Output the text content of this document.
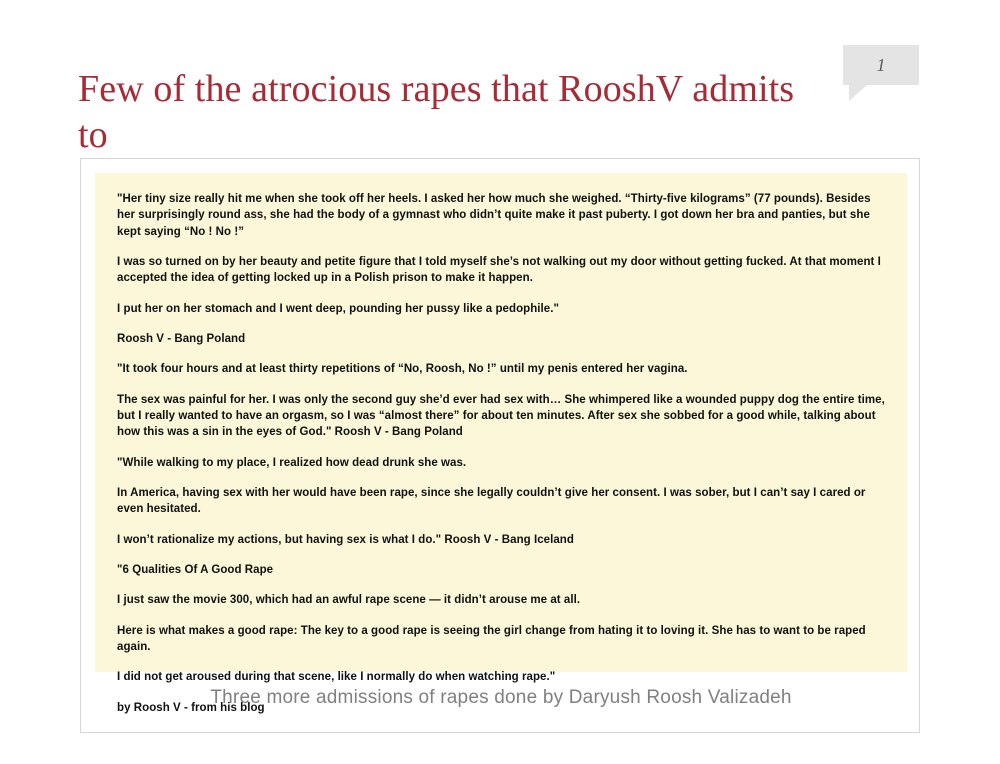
Few of the atrocious rapes that RooshV admits to
1

"Her tiny size really hit me when she took off her heels. I asked her how much she weighed. “Thirty-five kilograms” (77 pounds). Besides her surprisingly round ass, she had the body of a gymnast who didn’t quite make it past puberty. I got down her bra and panties, but she kept saying “No ! No !”

I was so turned on by her beauty and petite figure that I told myself she’s not walking out my door without getting fucked. At that moment I accepted the idea of getting locked up in a Polish prison to make it happen.

I put her on her stomach and I went deep, pounding her pussy like a pedophile."

Roosh V - Bang Poland

"It took four hours and at least thirty repetitions of “No, Roosh, No !” until my penis entered her vagina.

The sex was painful for her. I was only the second guy she’d ever had sex with… She whimpered like a wounded puppy dog the entire time, but I really wanted to have an orgasm, so I was “almost there” for about ten minutes. After sex she sobbed for a good while, talking about how this was a sin in the eyes of God." Roosh V - Bang Poland

"While walking to my place, I realized how dead drunk she was.

In America, having sex with her would have been rape, since she legally couldn’t give her consent. I was sober, but I can’t say I cared or even hesitated.

I won’t rationalize my actions, but having sex is what I do." Roosh V - Bang Iceland

"6 Qualities Of A Good Rape

I just saw the movie 300, which had an awful rape scene — it didn’t arouse me at all.

Here is what makes a good rape: The key to a good rape is seeing the girl change from hating it to loving it. She has to want to be raped again.

I did not get aroused during that scene, like I normally do when watching rape."

by Roosh V - from his blog

Three more admissions of rapes done by Daryush Roosh Valizadeh
